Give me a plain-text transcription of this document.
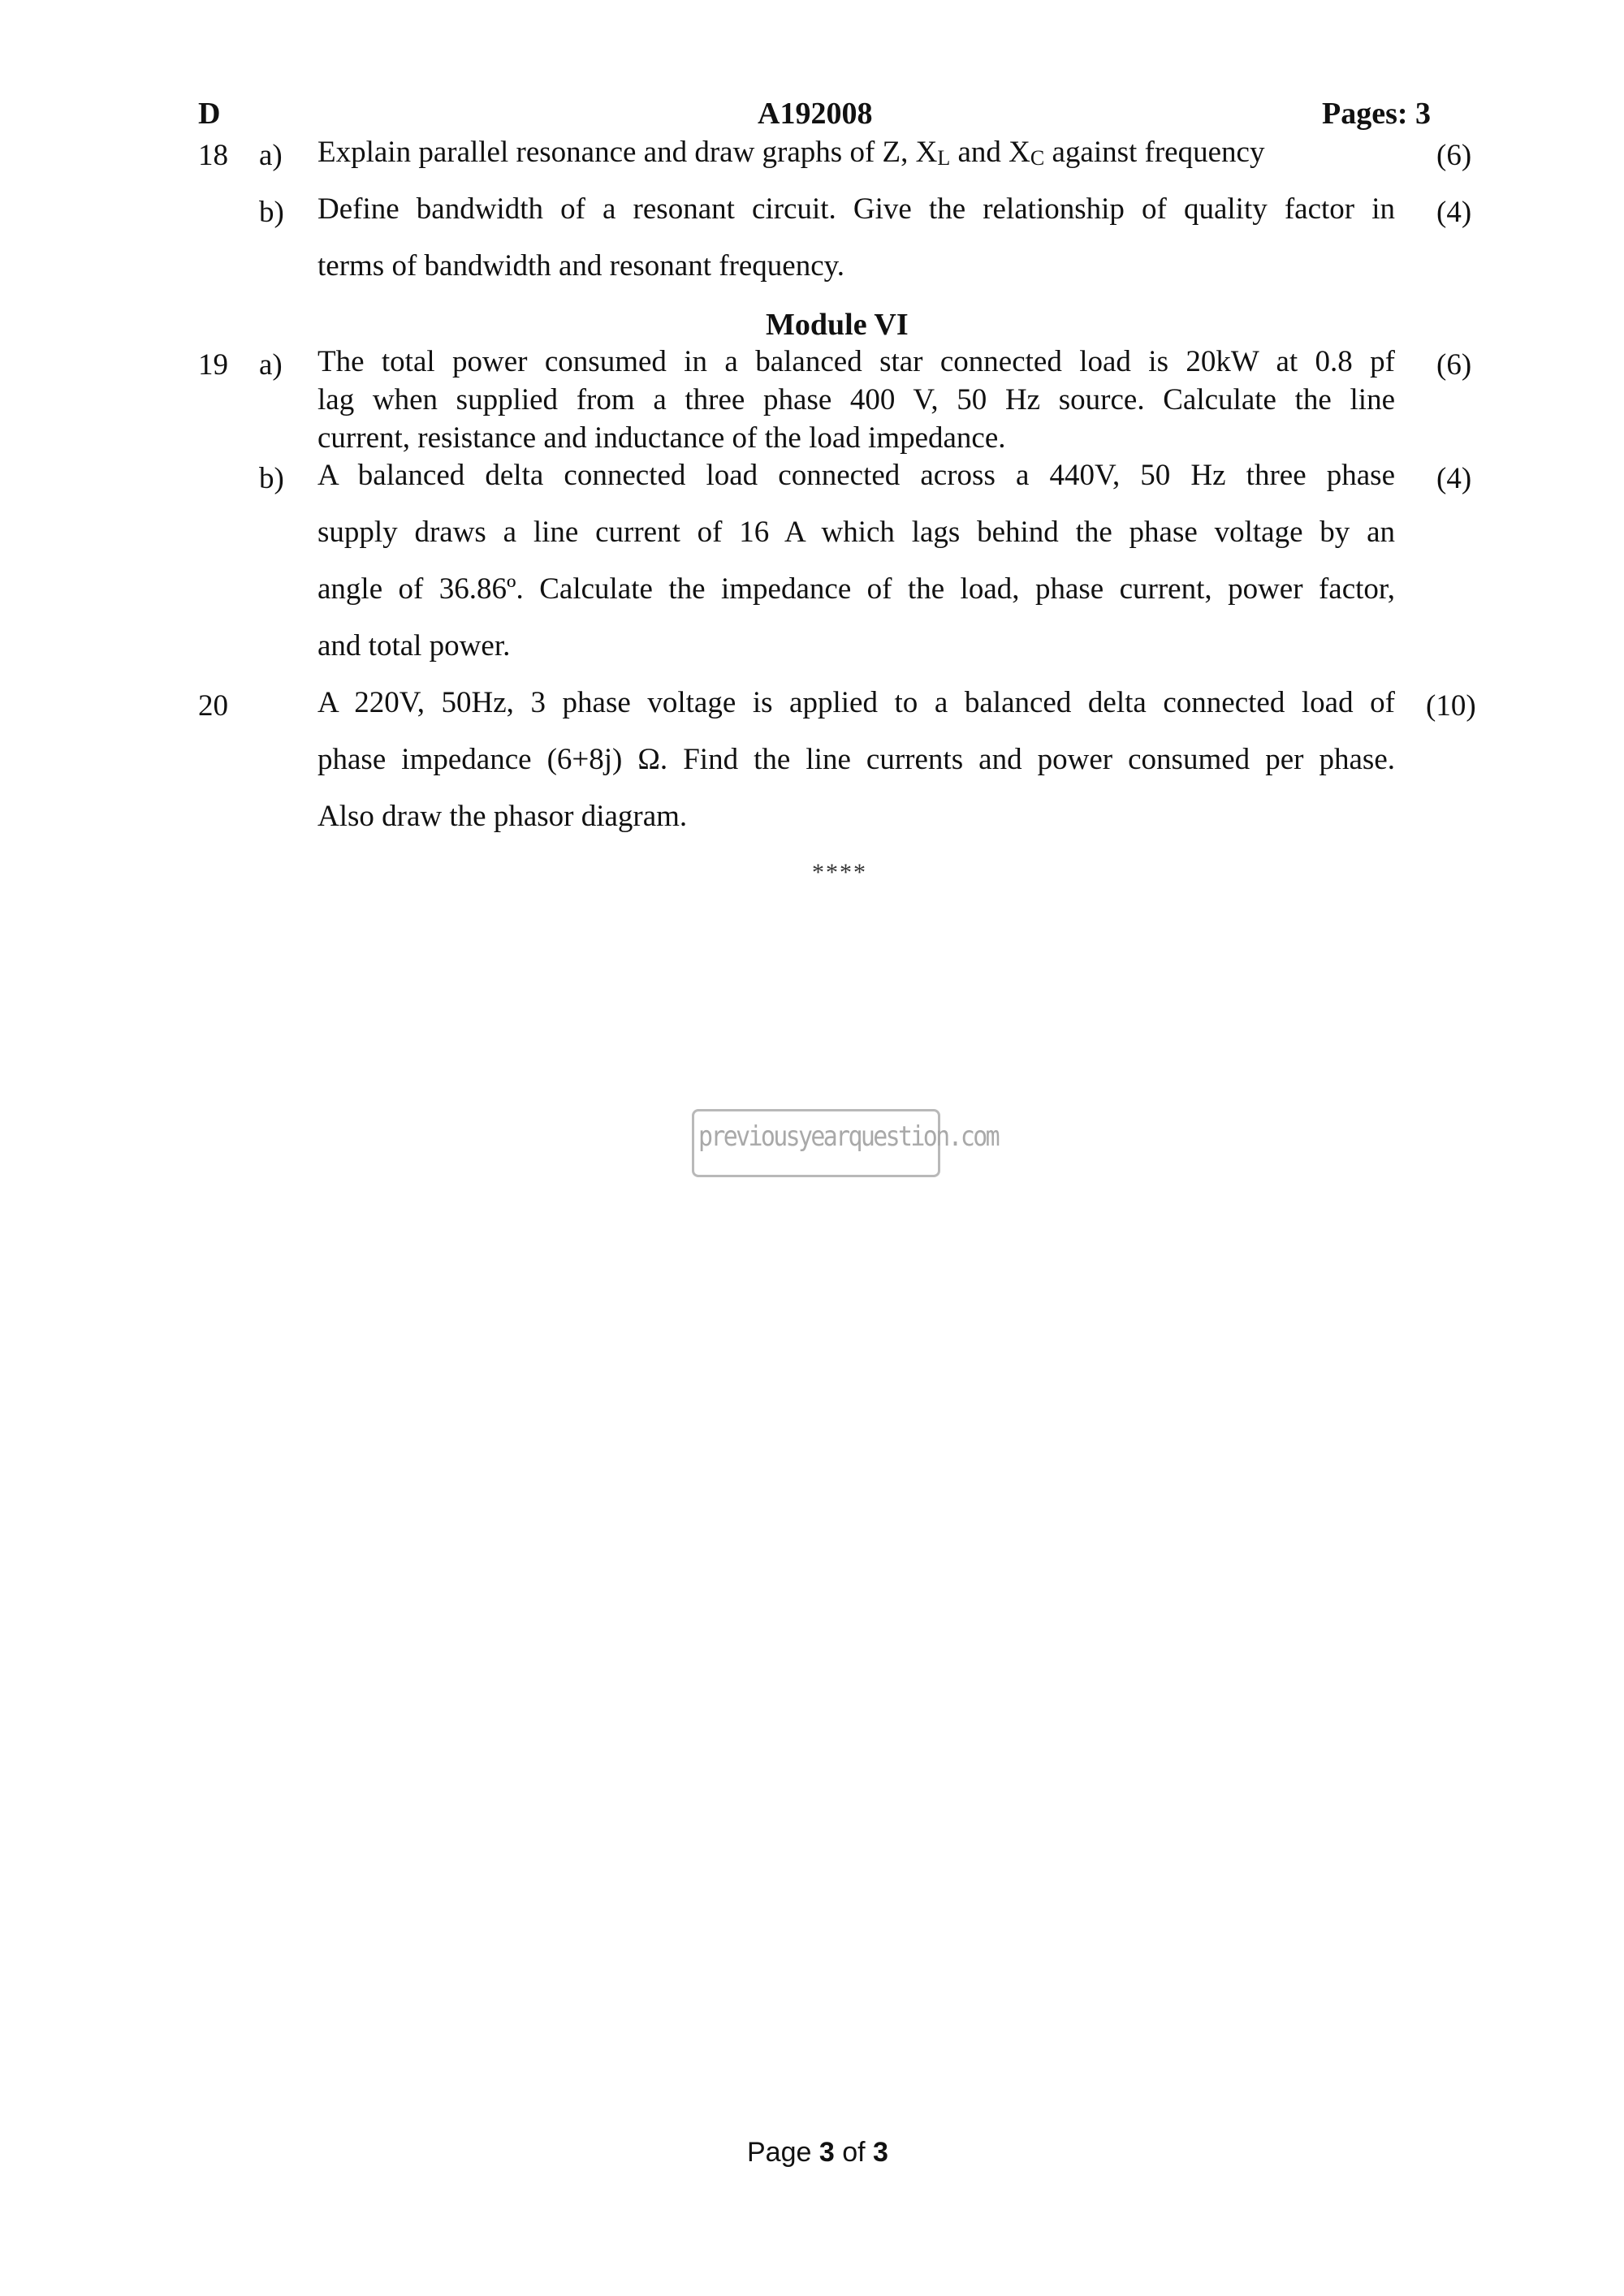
D	A192008	Pages: 3
18 a) Explain parallel resonance and draw graphs of Z, XL and XC against frequency	(6)
b) Define bandwidth of a resonant circuit. Give the relationship of quality factor in
terms of bandwidth and resonant frequency.
(4)
Module VI
19 a) The total power consumed in a balanced star connected load is 20kW at 0.8 pf
lag when supplied from a three phase 400 V, 50 Hz source. Calculate the line
current, resistance and inductance of the load impedance.
(6)
b) A balanced delta connected load connected across a 440V, 50 Hz three phase
supply draws a line current of 16 A which lags behind the phase voltage by an
angle of 36.86º. Calculate the impedance of the load, phase current, power factor,
and total power.
(4)
20	A 220V, 50Hz, 3 phase voltage is applied to a balanced delta connected load of
phase impedance (6+8j) Ω. Find the line currents and power consumed per phase.
Also draw the phasor diagram.
(10)
****
previousyearquestion.com
Page 3 of 3
